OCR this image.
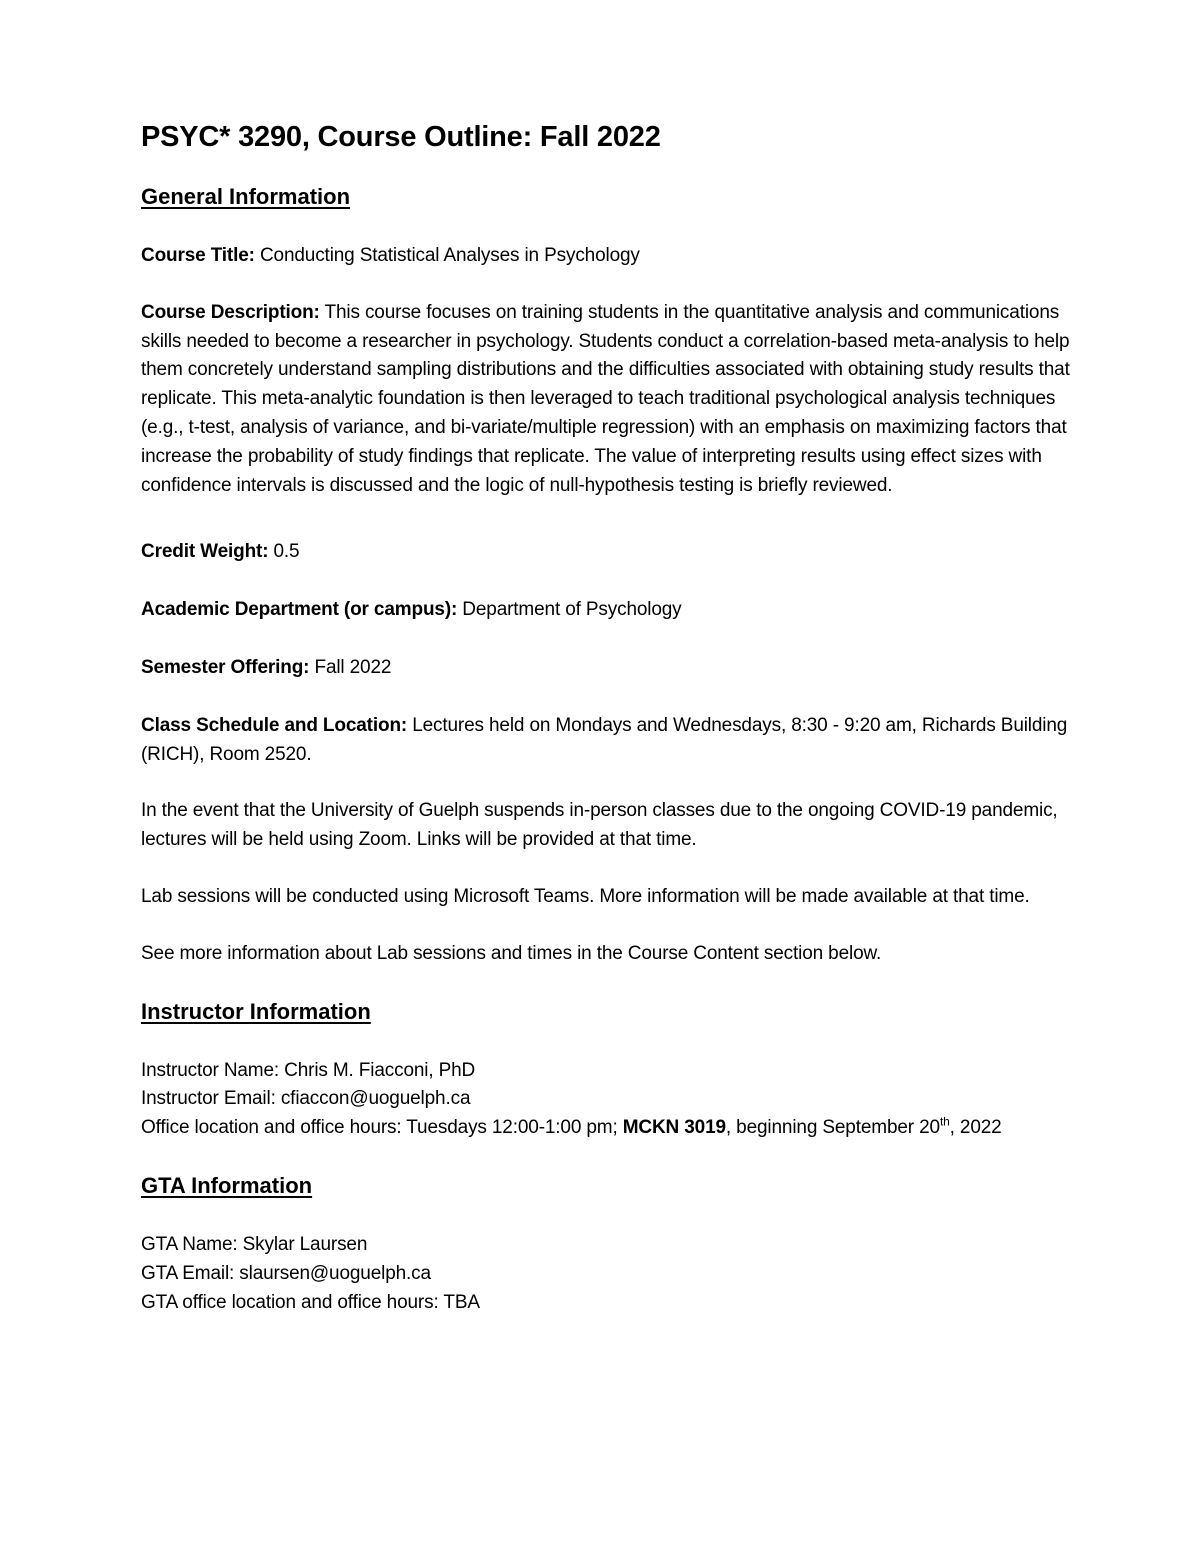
PSYC* 3290, Course Outline: Fall 2022
General Information
Course Title: Conducting Statistical Analyses in Psychology
Course Description: This course focuses on training students in the quantitative analysis and communications skills needed to become a researcher in psychology. Students conduct a correlation-based meta-analysis to help them concretely understand sampling distributions and the difficulties associated with obtaining study results that replicate. This meta-analytic foundation is then leveraged to teach traditional psychological analysis techniques (e.g., t-test, analysis of variance, and bi-variate/multiple regression) with an emphasis on maximizing factors that increase the probability of study findings that replicate. The value of interpreting results using effect sizes with confidence intervals is discussed and the logic of null-hypothesis testing is briefly reviewed.
Credit Weight: 0.5
Academic Department (or campus): Department of Psychology
Semester Offering: Fall 2022
Class Schedule and Location: Lectures held on Mondays and Wednesdays, 8:30 - 9:20 am, Richards Building (RICH), Room 2520.
In the event that the University of Guelph suspends in-person classes due to the ongoing COVID-19 pandemic, lectures will be held using Zoom. Links will be provided at that time.
Lab sessions will be conducted using Microsoft Teams. More information will be made available at that time.
See more information about Lab sessions and times in the Course Content section below.
Instructor Information
Instructor Name: Chris M. Fiacconi, PhD
Instructor Email: cfiaccon@uoguelph.ca
Office location and office hours: Tuesdays 12:00-1:00 pm; MCKN 3019, beginning September 20th, 2022
GTA Information
GTA Name: Skylar Laursen
GTA Email: slaursen@uoguelph.ca
GTA office location and office hours: TBA
